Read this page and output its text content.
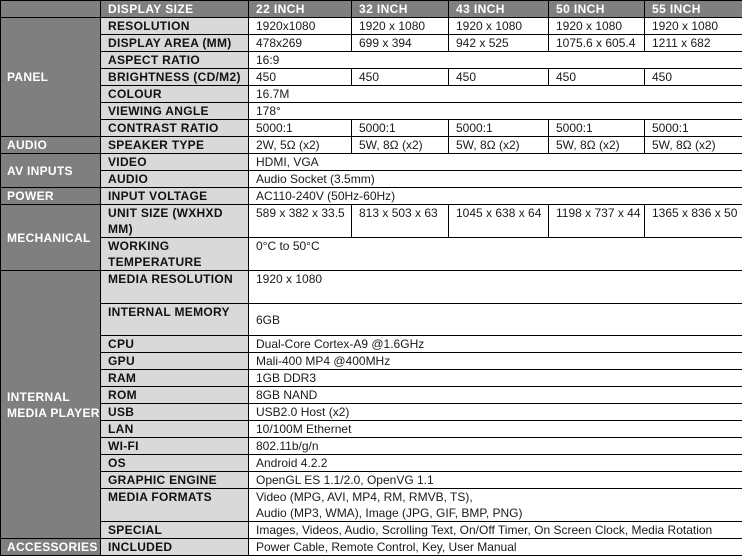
	DISPLAY SIZE	22 INCH	32 INCH	43 INCH	50 INCH	55 INCH
PANEL	RESOLUTION	1920x1080	1920 x 1080	1920 x 1080	1920 x 1080	1920 x 1080
	DISPLAY AREA (MM)	478x269	699 x 394	942 x 525	1075.6 x 605.4	1211 x 682
	ASPECT RATIO	16:9				
	BRIGHTNESS (CD/M2)	450	450	450	450	450
	COLOUR	16.7M				
	VIEWING ANGLE	178°				
	CONTRAST RATIO	5000:1	5000:1	5000:1	5000:1	5000:1
AUDIO	SPEAKER TYPE	2W, 5Ω (x2)	5W, 8Ω (x2)	5W, 8Ω (x2)	5W, 8Ω (x2)	5W, 8Ω (x2)
AV INPUTS	VIDEO	HDMI, VGA				
	AUDIO	Audio Socket (3.5mm)				
POWER	INPUT VOLTAGE	AC110-240V (50Hz-60Hz)				
MECHANICAL	UNIT SIZE (WXHXD MM)	589 x 382 x 33.5	813 x 503 x 63	1045 x 638 x 64	1198 x 737 x 44	1365 x 836 x 50
	WORKING TEMPERATURE	0°C to 50°C				
INTERNAL MEDIA PLAYER	MEDIA RESOLUTION	1920 x 1080				
	INTERNAL MEMORY	6GB				
	CPU	Dual-Core Cortex-A9 @1.6GHz				
	GPU	Mali-400 MP4 @400MHz				
	RAM	1GB DDR3				
	ROM	8GB NAND				
	USB	USB2.0 Host (x2)				
	LAN	10/100M Ethernet				
	WI-FI	802.11b/g/n				
	OS	Android 4.2.2				
	GRAPHIC ENGINE	OpenGL ES 1.1/2.0, OpenVG 1.1				
	MEDIA FORMATS	Video (MPG, AVI, MP4, RM, RMVB, TS),
Audio (MP3, WMA), Image (JPG, GIF, BMP, PNG)				

	SPECIAL	Images, Videos, Audio, Scrolling Text, On/Off Timer, On Screen Clock, Media Rotation				
ACCESSORIES	INCLUDED	Power Cable, Remote Control, Key, User Manual				
